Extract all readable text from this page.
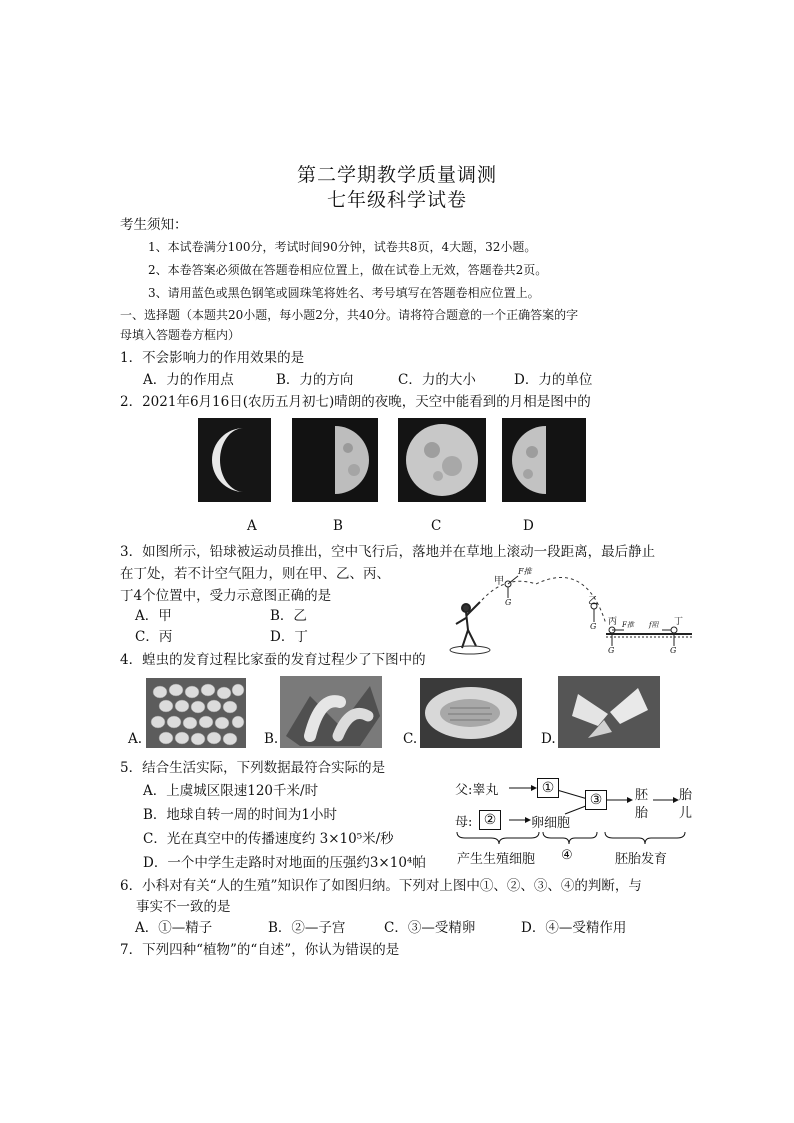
第二学期教学质量调测
七年级科学试卷
考生须知：
1、本试卷满分100分，考试时间90分钟，试卷共8页，4大题，32小题。
2、本卷答案必须做在答题卷相应位置上，做在试卷上无效，答题卷共2页。
3、请用蓝色或黑色钢笔或圆珠笔将姓名、考号填写在答题卷相应位置上。
一、选择题（本题共20小题，每小题2分，共40分。请将符合题意的一个正确答案的字
母填入答题卷方框内）
1．不会影响力的作用效果的是
A．力的作用点	B．力的方向	C．力的大小	D．力的单位
2．2021年6月16日(农历五月初七)晴朗的夜晚，天空中能看到的月相是图中的
A	B	C	D
3．如图所示，铅球被运动员推出，空中飞行后，落地并在草地上滚动一段距离，最后静止
在丁处，若不计空气阻力，则在甲、乙、丙、
丁4个位置中，受力示意图正确的是
A．甲	B．乙
C．丙	D．丁
甲
F推
G	乙
G 丙 F推
G
f阻 丁
G
4．蝗虫的发育过程比家蚕的发育过程少了下图中的
A.	B.	C.	D.
5．结合生活实际，下列数据最符合实际的是
A．上虞城区限速120千米/时
B．地球自转一周的时间为1小时
C．光在真空中的传播速度约 3×10⁵米/秒
D．一个中学生走路时对地面的压强约3×10⁴帕
父:睾丸	①
母: ②	卵细胞
③	胚
胎
胎
儿
产生生殖细胞 ④	胚胎发育
6．小科对有关“人的生殖”知识作了如图归纳。下列对上图中①、②、③、④的判断，与
事实不一致的是
A．①—精子	B．②—子宫	C．③—受精卵	D．④—受精作用
7．下列四种“植物”的“自述”，你认为错误的是
